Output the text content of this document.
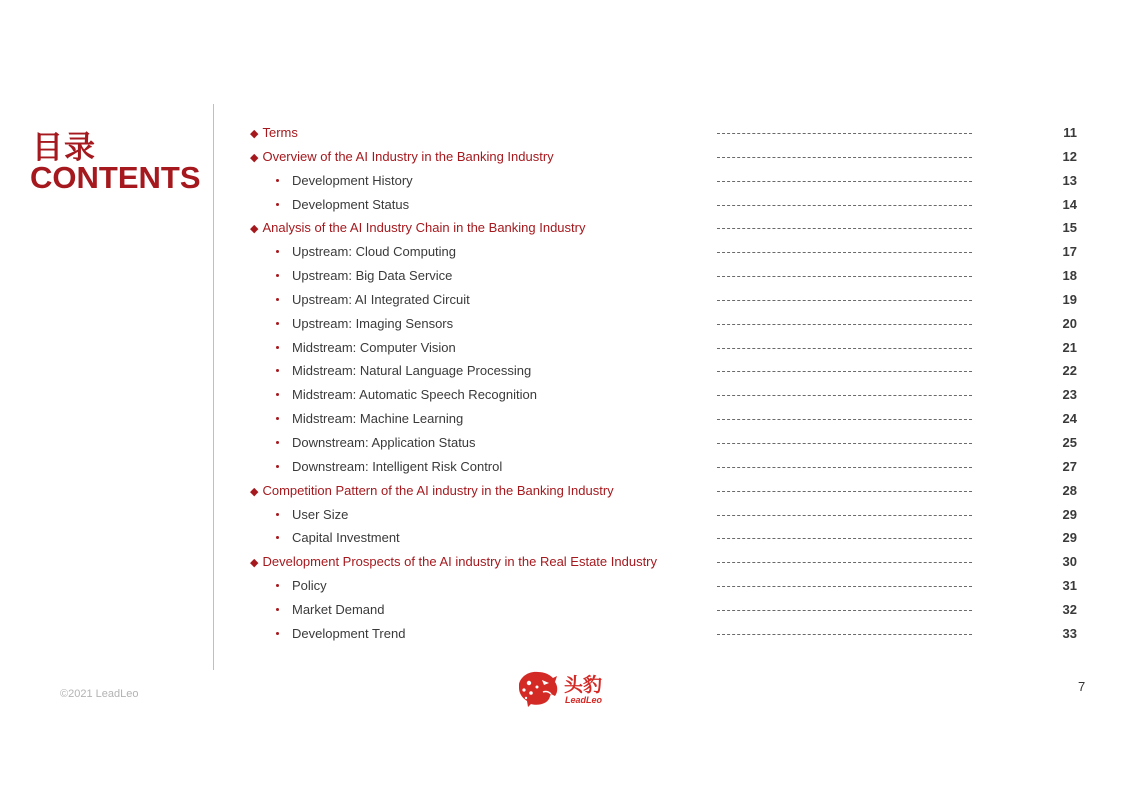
目录
CONTENTS
◆ Terms	11
◆ Overview of the AI Industry in the Banking Industry	12
Development History	13
Development Status	14
◆ Analysis of the AI Industry Chain in the Banking Industry	15
Upstream: Cloud Computing	17
Upstream: Big Data Service	18
Upstream: AI Integrated Circuit	19
Upstream: Imaging Sensors	20
Midstream: Computer Vision	21
Midstream: Natural Language Processing	22
Midstream: Automatic Speech Recognition	23
Midstream: Machine Learning	24
Downstream: Application Status	25
Downstream: Intelligent Risk Control	27
◆ Competition Pattern of the AI industry in the Banking Industry	28
User Size	29
Capital Investment	29
◆ Development Prospects of the AI industry in the Real Estate Industry	30
Policy	31
Market Demand	32
Development Trend	33
©2021 LeadLeo	头豹
LeadLeo
7
